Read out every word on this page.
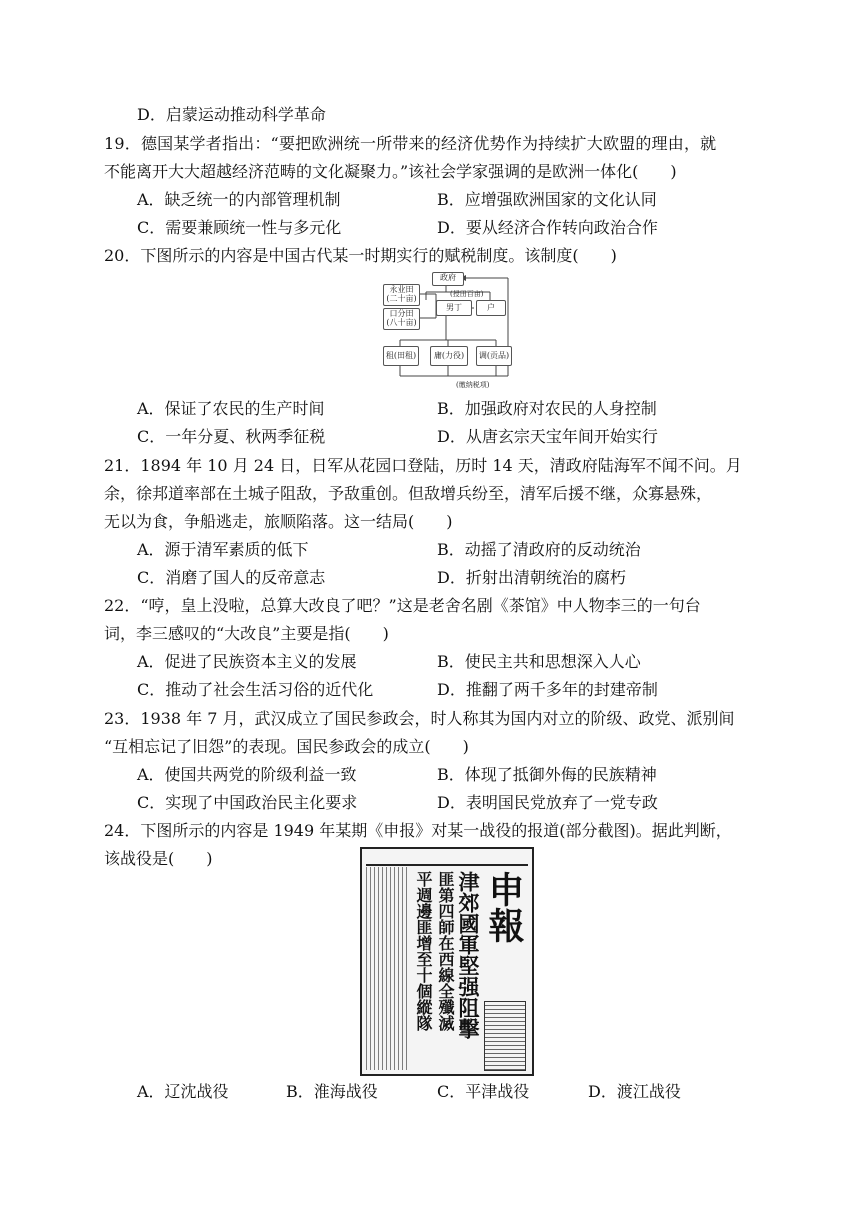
D．启蒙运动推动科学革命
19．德国某学者指出：“要把欧洲统一所带来的经济优势作为持续扩大欧盟的理由，就
不能离开大大超越经济范畴的文化凝聚力。”该社会学家强调的是欧洲一体化(　　)
A．缺乏统一的内部管理机制	B．应增强欧洲国家的文化认同
C．需要兼顾统一性与多元化	D．要从经济合作转向政治合作
20．下图所示的内容是中国古代某一时期实行的赋税制度。该制度(　　)
政府
(授田百亩)
永业田
(二十亩)
口分田
(八十亩)
男丁	户
租(田租)	庸(力役)	调(贡品)
(缴纳税项)
A．保证了农民的生产时间	B．加强政府对农民的人身控制
C．一年分夏、秋两季征税	D．从唐玄宗天宝年间开始实行
21．1894 年 10 月 24 日，日军从花园口登陆，历时 14 天，清政府陆海军不闻不问。月
余，徐邦道率部在土城子阻敌，予敌重创。但敌增兵纷至，清军后援不继，众寡悬殊，
无以为食，争船逃走，旅顺陷落。这一结局(　　)
A．源于清军素质的低下	B．动摇了清政府的反动统治
C．消磨了国人的反帝意志	D．折射出清朝统治的腐朽
22．“哼，皇上没啦，总算大改良了吧？”这是老舍名剧《茶馆》中人物李三的一句台
词，李三感叹的“大改良”主要是指(　　)
A．促进了民族资本主义的发展	B．使民主共和思想深入人心
C．推动了社会生活习俗的近代化	D．推翻了两千多年的封建帝制
23．1938 年 7 月，武汉成立了国民参政会，时人称其为国内对立的阶级、政党、派别间
“互相忘记了旧怨”的表现。国民参政会的成立(　　)
A．使国共两党的阶级利益一致	B．体现了抵御外侮的民族精神
C．实现了中国政治民主化要求	D．表明国民党放弃了一党专政
24．下图所示的内容是 1949 年某期《申报》对某一战役的报道(部分截图)。据此判断，
该战役是(　　)
申報
津郊國軍堅强阻擊
匪第四師在西線全殲滅
平週邊匪增至十個縱隊
A．辽沈战役	B．淮海战役	C．平津战役	D．渡江战役
